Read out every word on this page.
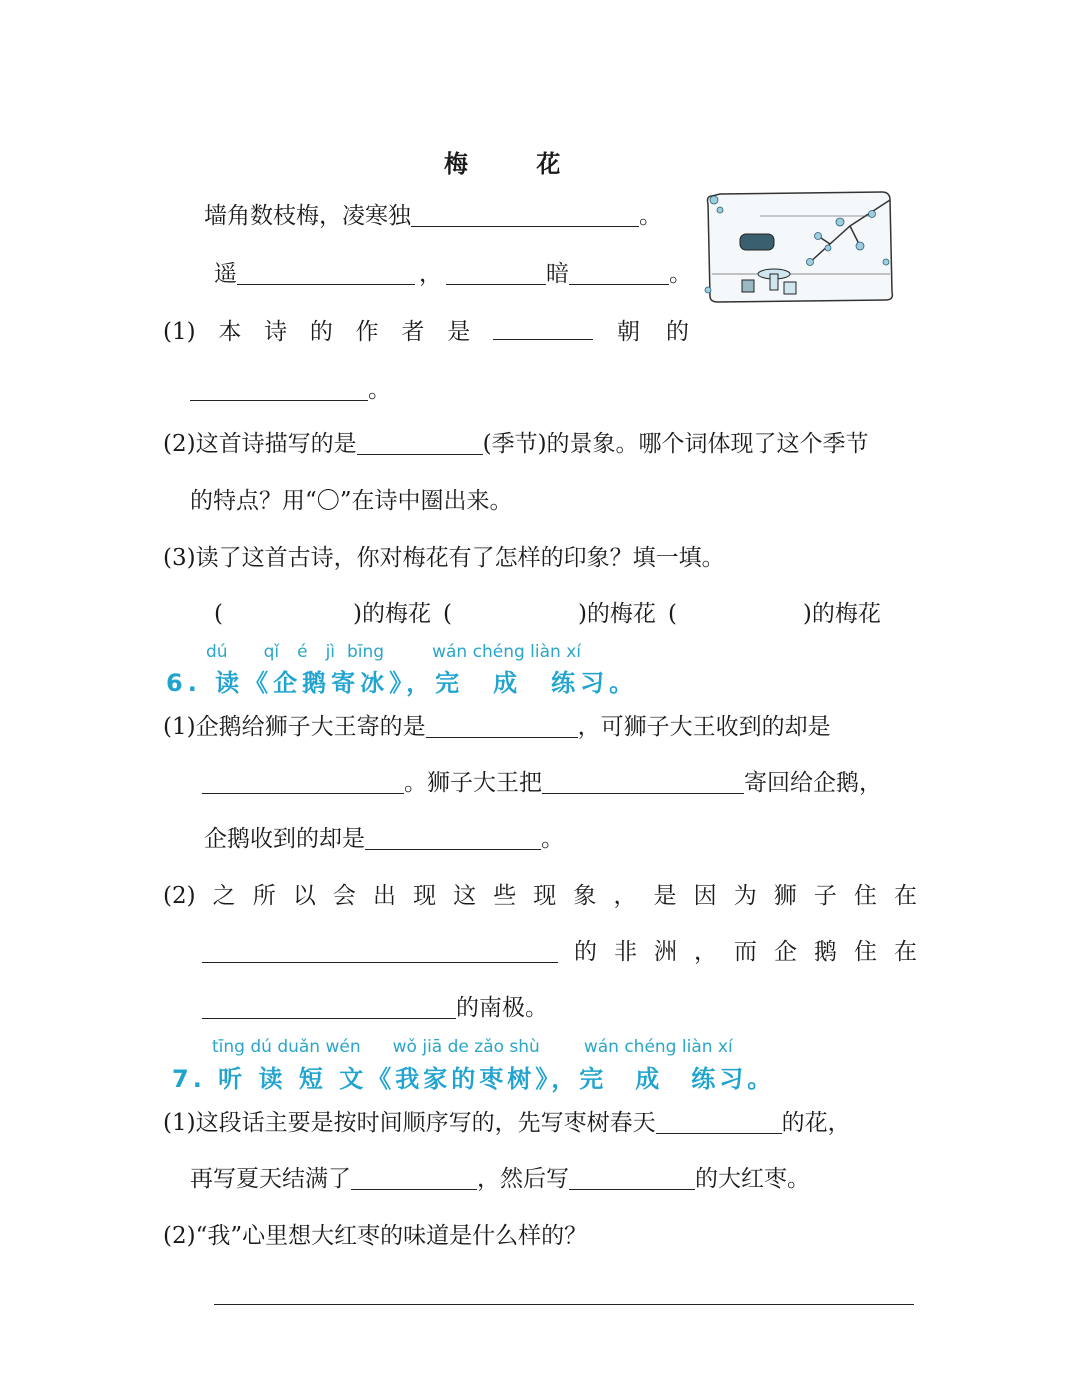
梅 花
墙角数枝梅，凌寒独	。
遥	，	暗	。
(1) 本 诗 的 作 者 是	朝 的
。
(2)这首诗描写的是	(季节)的景象。哪个词体现了这个季节
的特点？用“〇”在诗中圈出来。
(3)读了这首古诗，你对梅花有了怎样的印象？填一填。
(	)的梅花 (	)的梅花 (	)的梅花
dú qǐ é jì bīng	wán chéng liàn xí
6. 读《企鹅寄冰》，完　成　练习。
(1)企鹅给狮子大王寄的是	，可狮子大王收到的却是
。狮子大王把	寄回给企鹅，
企鹅收到的却是	。
(2) 之 所 以 会 出 现 这 些 现 象 ， 是 因 为 狮 子 住 在
的 非 洲 ， 而 企 鹅 住 在
的南极。
tīng dú duǎn wén wǒ jiā de zǎo shù	wán chéng liàn xí
7. 听 读 短 文《我家的枣树》，完　成　练习。
(1)这段话主要是按时间顺序写的，先写枣树春天	的花，
再写夏天结满了	，然后写	的大红枣。
(2)“我”心里想大红枣的味道是什么样的？
